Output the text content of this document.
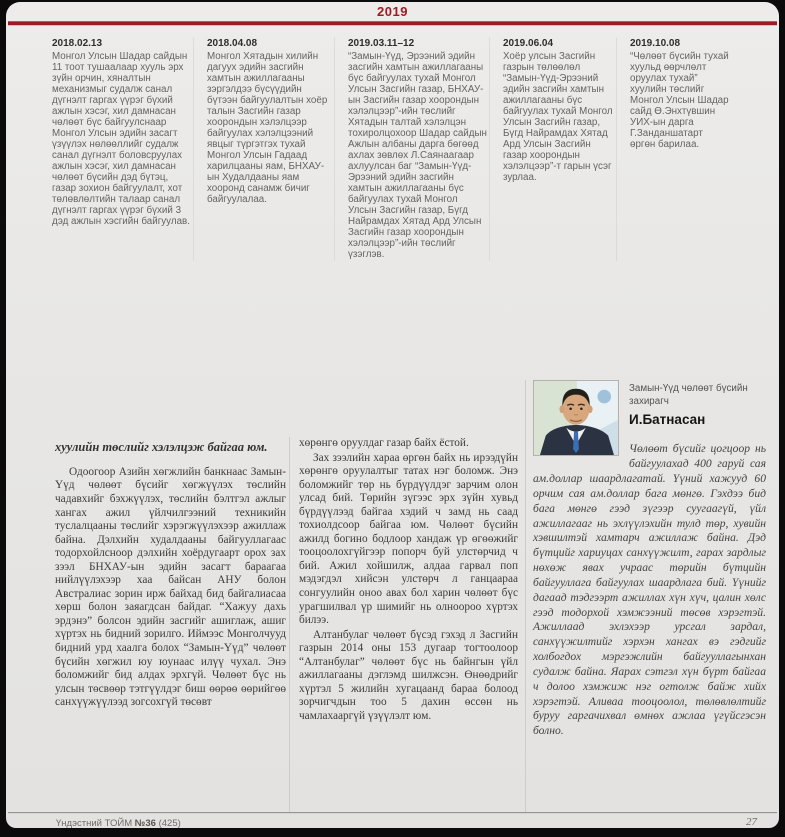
2019
2018.02.13
Монгол Улсын Шадар сайдын 11 тоот тушаалаар хууль эрх зүйн орчин, хяналтын механизмыг судалж санал дүгнэлт гаргах үүрэг бүхий ажлын хэсэг, хил дамнасан чөлөөт бүс байгуулснаар Монгол Улсын эдийн засагт үзүүлэх нөлөөллийг судалж санал дүгнэлт боловсруулах ажлын хэсэг, хил дамнасан чөлөөт бүсийн дэд бүтэц, газар зохион байгуулалт, хот төлөвлөлтийн талаар санал дүгнэлт гаргах үүрэг бүхий 3 дэд ажлын хэсгийн байгуулав.
2018.04.08
Монгол Хятадын хилийн дагуух эдийн засгийн хамтын ажиллагааны зэргэлдээ бүсүүдийн бүтээн байгуулалтын хоёр талын Засгийн газар хоорондын хэлэлцээр байгуулах хэлэлцээний явцыг түргэтгэх тухай Монгол Улсын Гадаад харилцааны яам, БНХАУ-ын Худалдааны яам хооронд санамж бичиг байгуулалаа.
2019.03.11–12
“Замын-Үүд, Эрээний эдийн засгийн хамтын ажиллагааны бүс байгуулах тухай Монгол Улсын Засгийн газар, БНХАУ-ын Засгийн газар хоорондын хэлэлцээр”-ийн төслийг Хятадын талтай хэлэлцэн тохиролцохоор Шадар сайдын Ажлын албаны дарга бөгөөд ахлах зөвлөх Л.Саянаагаар ахлуулсан баг “Замын-Үүд-Эрээний эдийн засгийн хамтын ажиллагааны бүс байгуулах тухай Монгол Улсын Засгийн газар, Бүгд Найрамдах Хятад Ард Улсын Засгийн газар хоорондын хэлэлцээр”-ийн төслийг үзэглэв.
2019.06.04
Хоёр улсын Засгийн газрын төлөөлөл “Замын-Үүд-Эрээний эдийн засгийн хамтын ажиллагааны бүс байгуулах тухай Монгол Улсын Засгийн газар, Бүгд Найрамдах Хятад Ард Улсын Засгийн газар хоорондын хэлэлцээр”-т гарын үсэг зурлаа.
2019.10.08
“Чөлөөт бүсийн тухай хуульд өөрчлөлт оруулах тухай” хуулийн төслийг Монгол Улсын Шадар сайд Ө.Энхтүвшин УИХ-ын дарга Г.Занданшатарт өргөн барилаа.
хуулийн төслийг хэлэлцэж байгаа юм.

Одоогоор Азийн хөгжлийн банкнаас Замын-Үүд чөлөөт бүсийг хөгжүүлэх төслийн чадавхийг бэхжүүлэх, төслийн бэлтгэл ажлыг хангах ажил үйлчилгээний техникийн туслалцааны төслийг хэрэгжүүлэхээр ажиллаж байна. Дэлхийн худалдааны байгууллагаас тодорхойлсноор дэлхийн хоёрдугаарт орох зах зээл БНХАУ-ын эдийн засагт бараагаа нийлүүлэхээр хаа байсан АНУ болон Австралиас зорин ирж байхад бид байгалиасаа хөрш болон заяагдсан байдаг. “Хажуу дахь эрдэнэ” болсон эдийн засгийг ашиглаж, ашиг хүртэх нь бидний зорилго. Иймээс Монголчууд бидний урд хаалга болох “Замын-Үүд” чөлөөт бүсийн хөгжил юу юунаас илүү чухал. Энэ боломжийг бид алдах эрхгүй. Чөлөөт бүс нь улсын төсвөөр тэтгүүлдэг биш өөрөө өөрийгөө санхүүжүүлээд зогсохгүй төсөвт

хөрөнгө оруулдаг газар байх ёстой.

Зах зээлийн хараа өргөн байх нь ирээдүйн хөрөнгө оруулалтыг татах нэг боломж. Энэ боломжийг төр нь бүрдүүлдэг зарчим олон улсад бий. Төрийн зүгээс эрх зүйн хувьд бүрдүүлээд байгаа хэдий ч замд нь саад тохиолдсоор байгаа юм. Чөлөөт бүсийн ажилд богино бодлоор хандаж үр өгөөжийг тооцоолохгүйгээр попорч буй улстөрчид ч бий. Ажил хойшилж, алдаа гарвал поп мэдэгдэл хийсэн улстөрч л ганцаараа сонгуулийн оноо авах бол харин чөлөөт бүс урагшилвал үр шимийг нь олноороо хүртэх билээ.

Алтанбулаг чөлөөт бүсэд гэхэд л Засгийн газрын 2014 оны 153 дугаар тогтоолоор “Алтанбулаг” чөлөөт бүс нь байнгын үйл ажиллагааны дэглэмд шилжсэн. Өнөөдрийг хүртэл 5 жилийн хугацаанд бараа болоод зорчигчдын тоо 5 дахин өссөн нь чамлахааргүй үзүүлэлт юм.

Замын-Үүд чөлөөт бүсийн захирагч
И.Батнасан

Чөлөөт бүсийг цогцоор нь байгуулахад 400 гаруй сая ам.доллар шаардлагатай. Үүний хажууд 60 орчим сая ам.доллар бага мөнгө. Гэхдээ бид бага мөнгө гээд зүгээр суугаагүй, үйл ажиллагааг нь эхлүүлэхийн тулд төр, хувийн хэвшилтэй хамтарч ажиллаж байна. Дэд бүтцийг хариуцах санхүүжилт, гарах зардлыг нөхөж явах учраас төрийн бүтцийн байгууллага байгуулах шаардлага бий. Үүнийг дагаад тэдгээрт ажиллах хүн хүч, цалин хөлс гээд тодорхой хэмжээний төсөв хэрэгтэй. Ажиллаад эхлэхээр урсгал зардал, санхүүжилтийг хэрхэн хангах вэ гэдгийг холбогдох мэргэжлийн байгууллагынхан судалж байна. Яарах сэтгэл хүн бүрт байгаа ч долоо хэмжиж нэг огтолж байж хийх хэрэгтэй. Аливаа тооцоолол, төлөвлөлтийг буруу гаргачихвал өмнөх ажлаа үгүйсгэсэн болно.

Үндэстний ТОЙМ №36 (425)	27
